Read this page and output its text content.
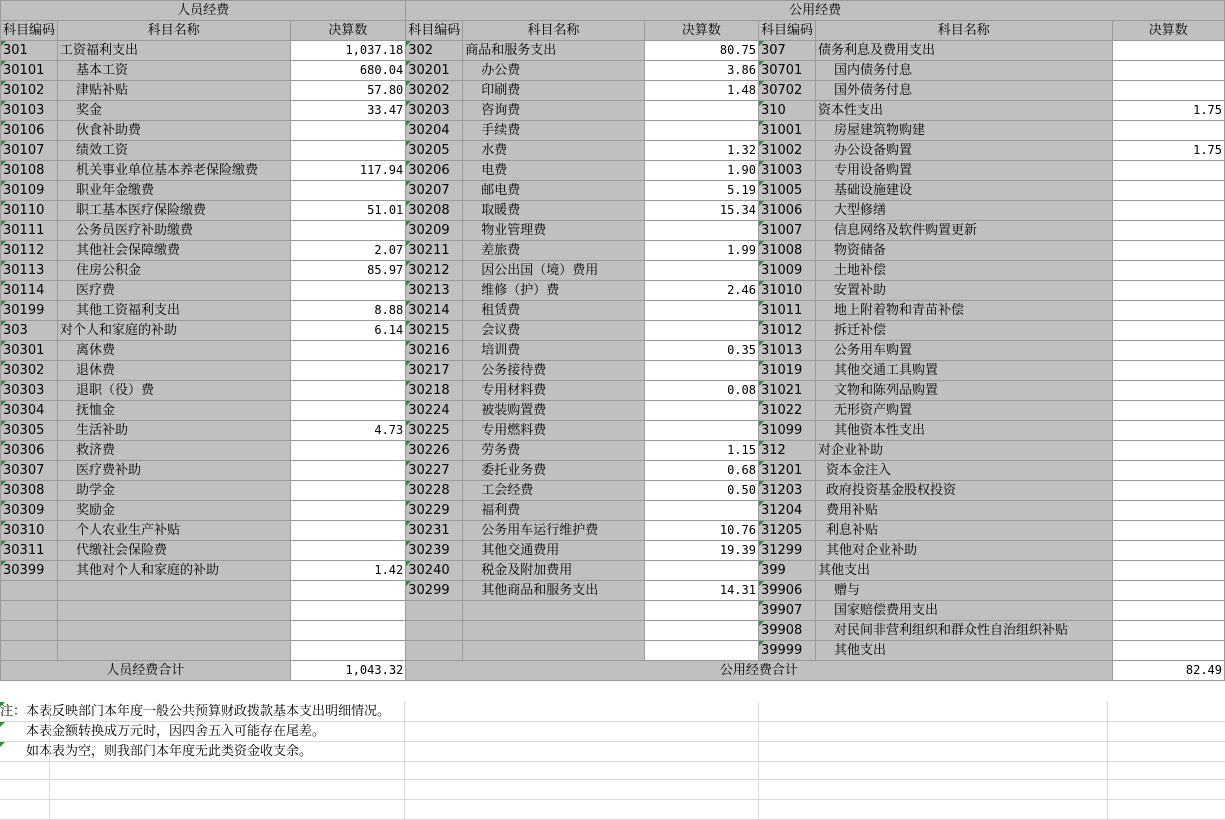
人员经费			公用经费					
科目编码	科目名称	决算数	科目编码	科目名称	决算数	科目编码	科目名称	决算数
301	工资福利支出	1,037.18	302	商品和服务支出	80.75	307	债务利息及费用支出	
30101	基本工资	680.04	30201	办公费	3.86	30701	国内债务付息	
30102	津贴补贴	57.80	30202	印刷费	1.48	30702	国外债务付息	
30103	奖金	33.47	30203	咨询费		310	资本性支出	1.75
30106	伙食补助费		30204	手续费		31001	房屋建筑物购建	
30107	绩效工资		30205	水费	1.32	31002	办公设备购置	1.75
30108	机关事业单位基本养老保险缴费	117.94	30206	电费	1.90	31003	专用设备购置	
30109	职业年金缴费		30207	邮电费	5.19	31005	基础设施建设	
30110	职工基本医疗保险缴费	51.01	30208	取暖费	15.34	31006	大型修缮	
30111	公务员医疗补助缴费		30209	物业管理费		31007	信息网络及软件购置更新	
30112	其他社会保障缴费	2.07	30211	差旅费	1.99	31008	物资储备	
30113	住房公积金	85.97	30212	因公出国（境）费用		31009	土地补偿	
30114	医疗费		30213	维修（护）费	2.46	31010	安置补助	
30199	其他工资福利支出	8.88	30214	租赁费		31011	地上附着物和青苗补偿	
303	对个人和家庭的补助	6.14	30215	会议费		31012	拆迁补偿	
30301	离休费		30216	培训费	0.35	31013	公务用车购置	
30302	退休费		30217	公务接待费		31019	其他交通工具购置	
30303	退职（役）费		30218	专用材料费	0.08	31021	文物和陈列品购置	
30304	抚恤金		30224	被装购置费		31022	无形资产购置	
30305	生活补助	4.73	30225	专用燃料费		31099	其他资本性支出	
30306	救济费		30226	劳务费	1.15	312	对企业补助	
30307	医疗费补助		30227	委托业务费	0.68	31201	资本金注入	
30308	助学金		30228	工会经费	0.50	31203	政府投资基金股权投资	
30309	奖励金		30229	福利费		31204	费用补贴	
30310	个人农业生产补贴		30231	公务用车运行维护费	10.76	31205	利息补贴	
30311	代缴社会保险费		30239	其他交通费用	19.39	31299	其他对企业补助	
30399	其他对个人和家庭的补助	1.42	30240	税金及附加费用		399	其他支出	
			30299	其他商品和服务支出	14.31	39906	赠与	
						39907	国家赔偿费用支出	
						39908	对民间非营利组织和群众性自治组织补贴	
						39999	其他支出	
人员经费合计		1,043.32	公用经费合计					82.49
注：本表反映部门本年度一般公共预算财政拨款基本支出明细情况。
　　本表金额转换成万元时，因四舍五入可能存在尾差。
　　如本表为空，则我部门本年度无此类资金收支余。
